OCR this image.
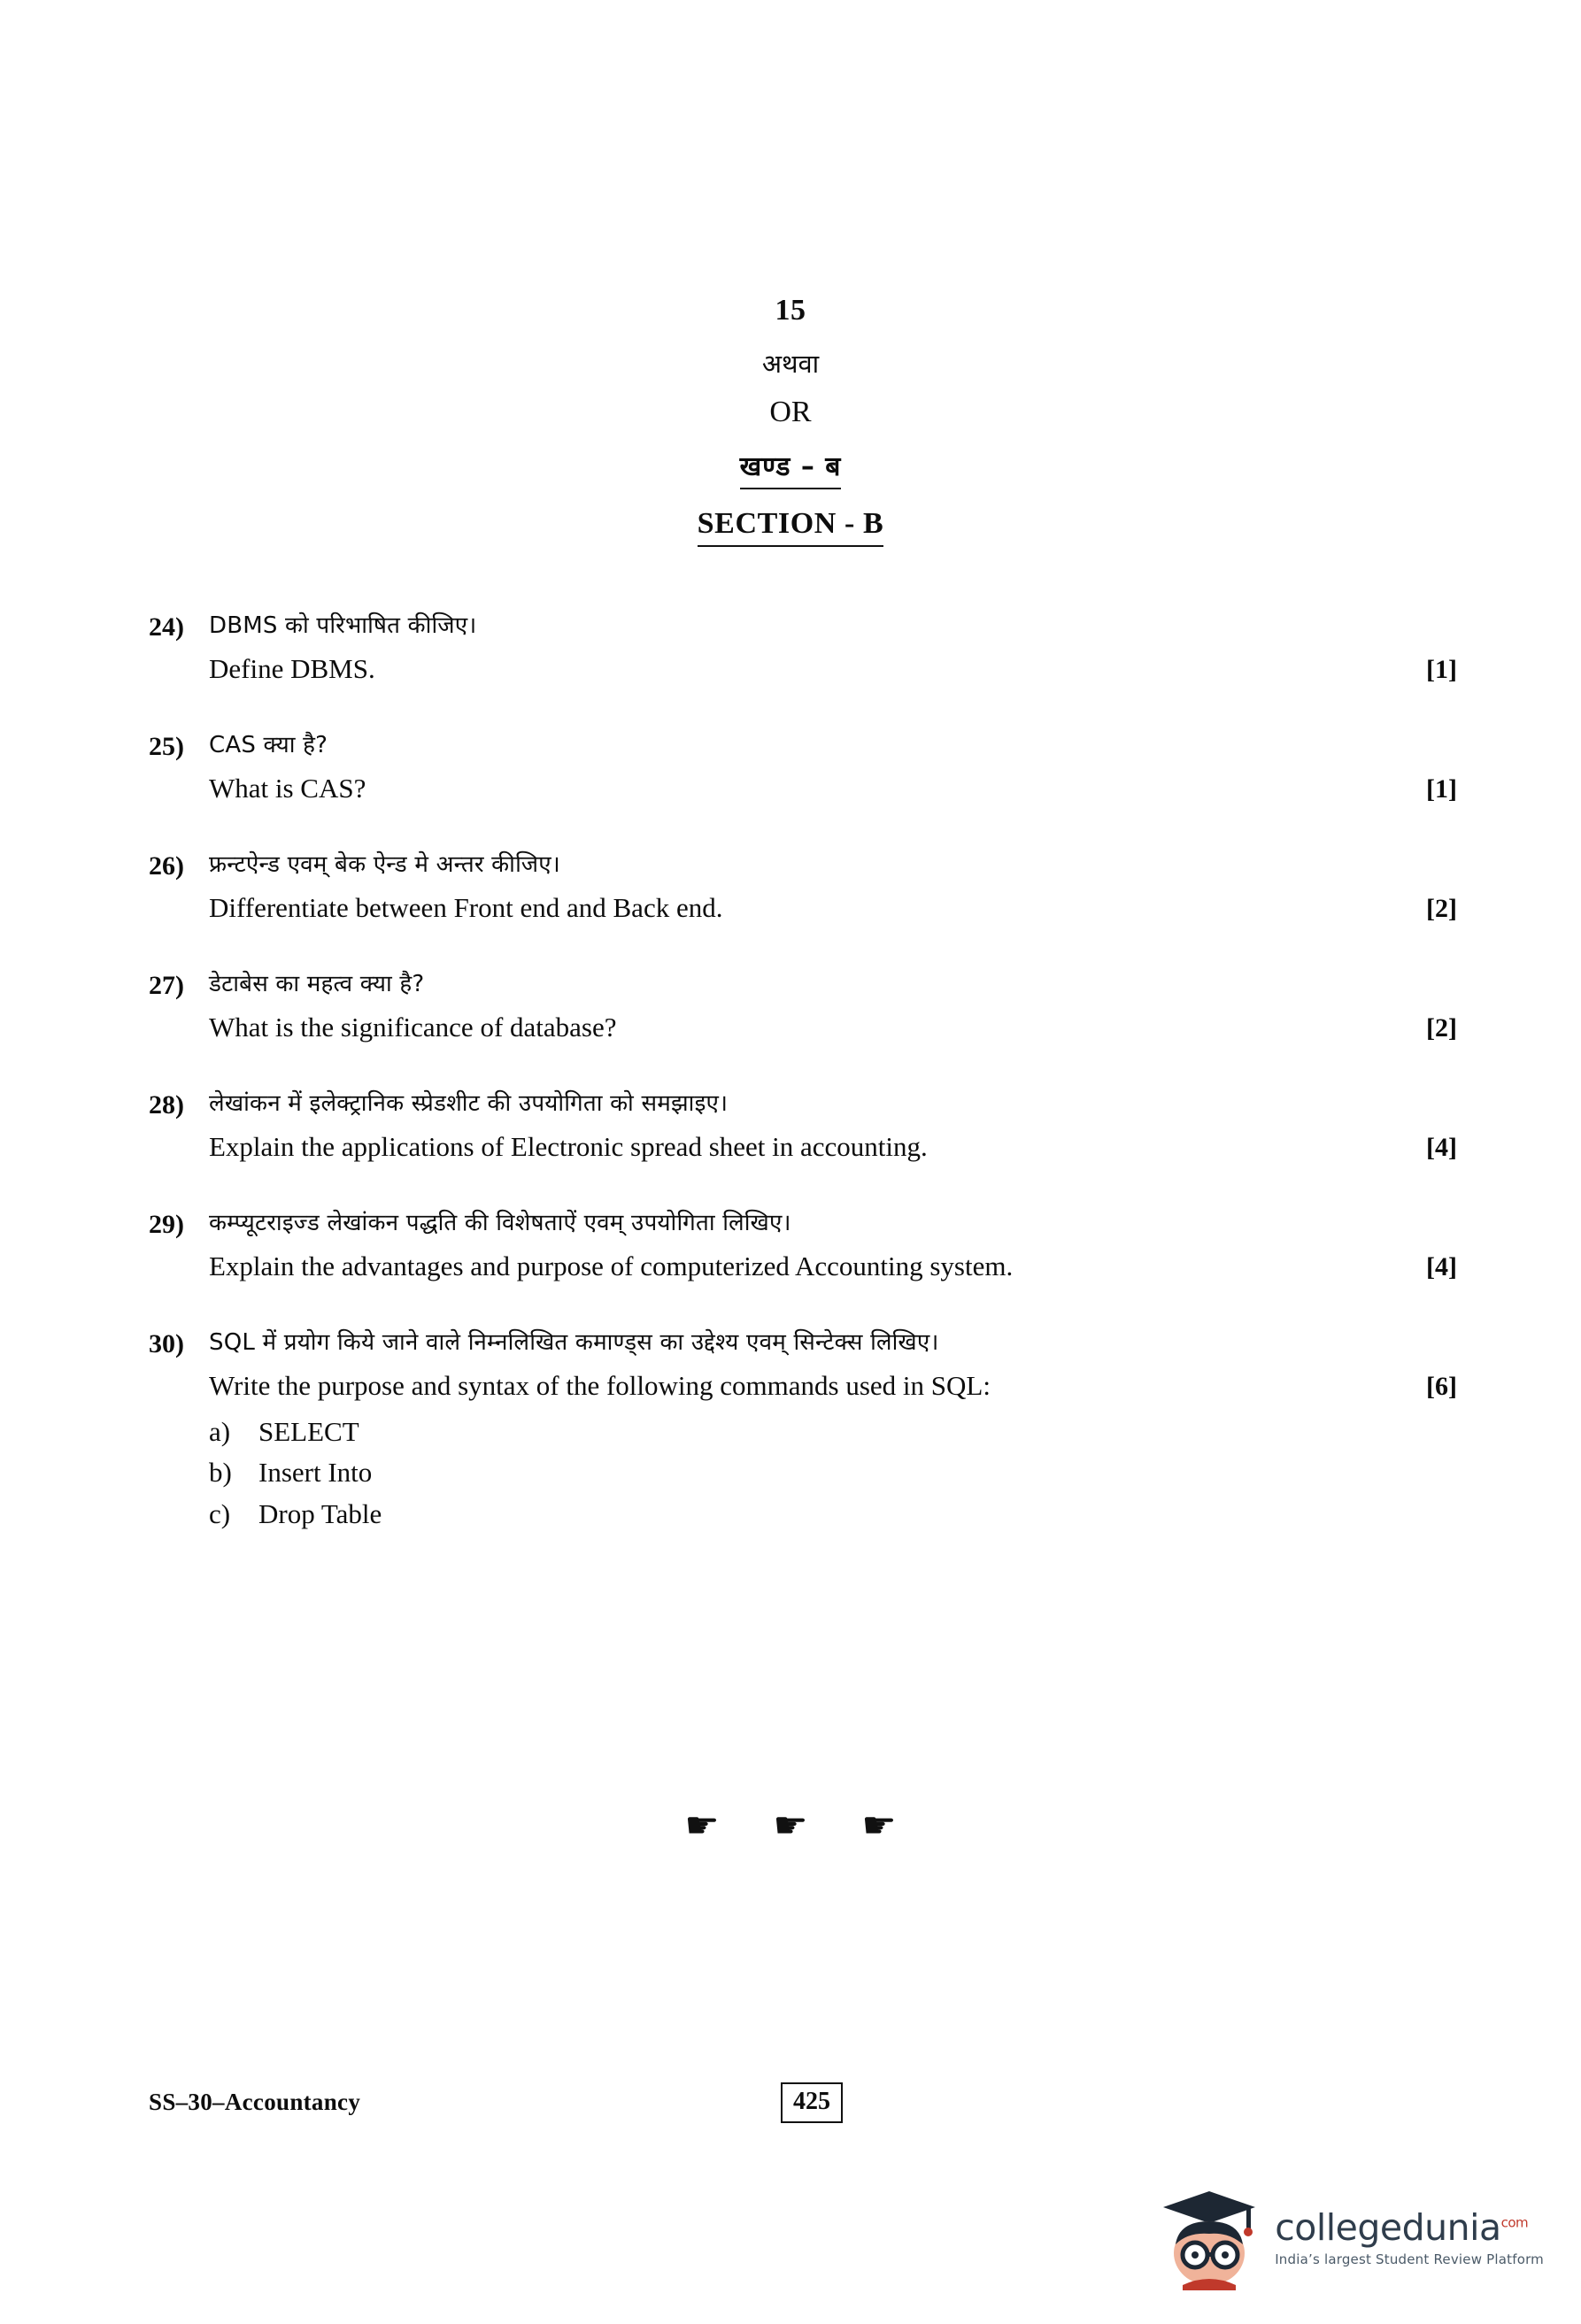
15
अथवा
OR
खण्ड – ब
SECTION - B
24)	DBMS को परिभाषित कीजिए।
Define DBMS.	[1]
25)	CAS क्या है?
What is CAS?	[1]
26)	फ्रन्टऐन्ड एवम् बेक ऐन्ड मे अन्तर कीजिए।
Differentiate between Front end and Back end.	[2]
27)	डेटाबेस का महत्व क्या है?
What is the significance of database?	[2]
28)	लेखांकन में इलेक्ट्रानिक स्प्रेडशीट की उपयोगिता को समझाइए।
Explain the applications of Electronic spread sheet in accounting.	[4]
29)	कम्प्यूटराइज्ड लेखांकन पद्धति की विशेषताऐं एवम् उपयोगिता लिखिए।
Explain the advantages and purpose of computerized Accounting system.	[4]
30)	SQL में प्रयोग किये जाने वाले निम्नलिखित कमाण्ड्स का उद्देश्य एवम् सिन्टेक्स लिखिए।
Write the purpose and syntax of the following commands used in SQL:	[6]
a)	SELECT
b) Insert Into
c)	Drop Table
☛ ☛ ☛
SS–30–Accountancy	425
collegedunia$^{com}$
India’s largest Student Review Platform
